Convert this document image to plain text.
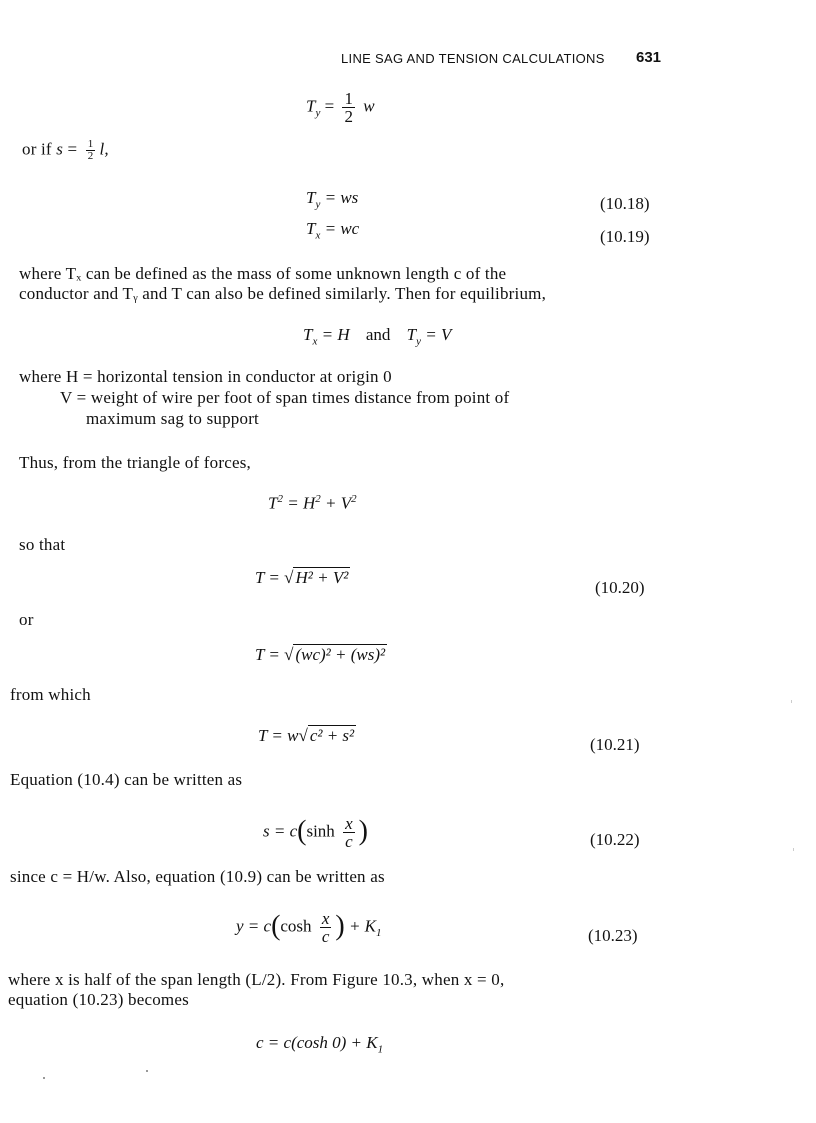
LINE SAG AND TENSION CALCULATIONS 631
$T_y = \frac{1}{2}$ w
or if $s = \frac{1}{2} l$,
$T_y$ = ws	(10.18)
$T_x$ = wc	(10.19)
where Tₓ can be defined as the mass of some unknown length c of the
conductor and Tᵧ and T can also be defined similarly. Then for equilibrium,
$T_x = H$ and $T_y = V$
where H = horizontal tension in conductor at origin 0
V = weight of wire per foot of span times distance from point of
maximum sag to support
Thus, from the triangle of forces,
$T^2 = H^2 + V^2$
so that
T = √ H² + V²
(10.20)
or
T = √ (wc)² + (ws)²
from which
T = w√ c² + s²	(10.21)
Equation (10.4) can be written as
$s = c(\sinh \frac{x}{c}$ )	(10.22)
since c = H/w. Also, equation (10.9) can be written as
$y = c(\cosh \frac{x}{c}$ ) + $K_1$	(10.23)
where x is half of the span length (L/2). From Figure 10.3, when x = 0,
equation (10.23) becomes
c = c(cosh $0) + K_1$
